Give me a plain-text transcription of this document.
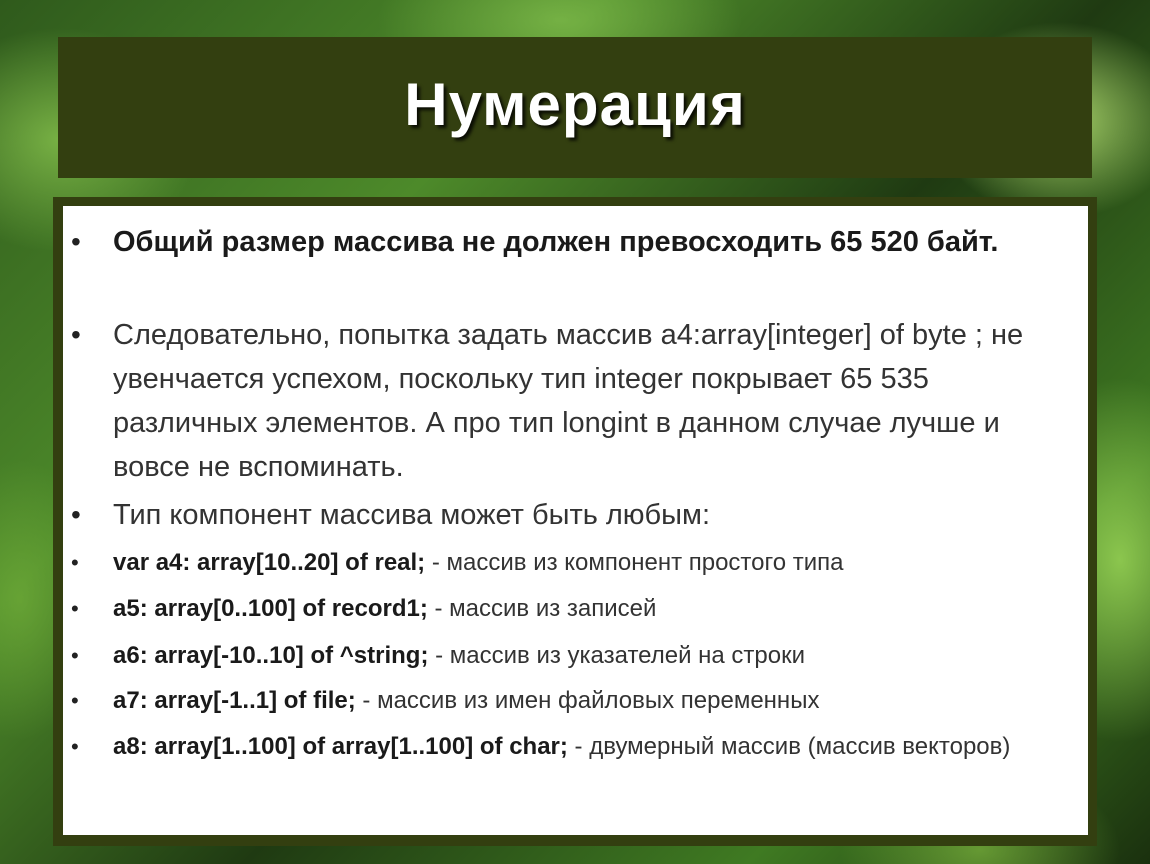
Нумерация
• Общий размер массива не должен превосходить 65 520 байт.
• Следовательно, попытка задать массив a4:array[integer] of byte ; не увенчается успехом, поскольку тип integer покрывает 65 535 различных элементов. А про тип longint в данном случае лучше и вовсе не вспоминать.
• Тип компонент массива может быть любым:
• var a4: array[10..20] of real; - массив из компонент простого типа
• a5: array[0..100] of record1; - массив из записей
• a6: array[-10..10] of ^string; - массив из указателей на строки
• a7: array[-1..1] of file; - массив из имен файловых переменных
• a8: array[1..100] of array[1..100] of char; - двумерный массив (массив векторов)
